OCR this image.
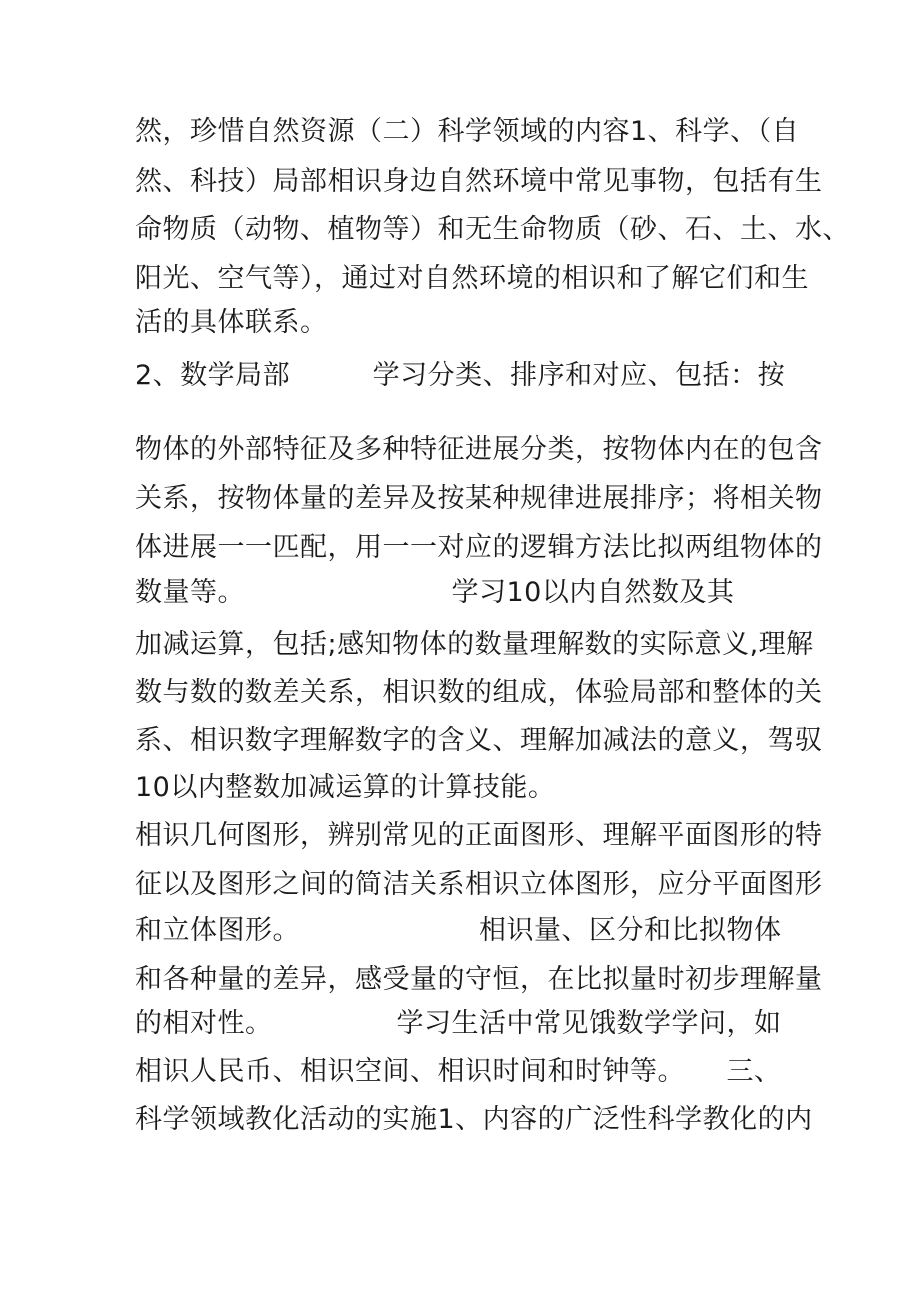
然，珍惜自然资源（二）科学领域的内容1、科学、（自
然、科技）局部相识身边自然环境中常见事物，包括有生
命物质（动物、植物等）和无生命物质（砂、石、土、水、
阳光、空气等），通过对自然环境的相识和了解它们和生
活的具体联系。
2、数学局部　　　学习分类、排序和对应、包括：按
物体的外部特征及多种特征进展分类，按物体内在的包含
关系，按物体量的差异及按某种规律进展排序；将相关物
体进展一一匹配，用一一对应的逻辑方法比拟两组物体的
数量等。　　　　　　　　学习10以内自然数及其
加减运算，包括;感知物体的数量理解数的实际意义,理解
数与数的数差关系，相识数的组成，体验局部和整体的关
系、相识数字理解数字的含义、理解加减法的意义，驾驭
10以内整数加减运算的计算技能。
相识几何图形，辨别常见的正面图形、理解平面图形的特
征以及图形之间的简洁关系相识立体图形，应分平面图形
和立体图形。　　　　　　　相识量、区分和比拟物体
和各种量的差异，感受量的守恒，在比拟量时初步理解量
的相对性。　　　　　学习生活中常见饿数学学问，如
相识人民币、相识空间、相识时间和时钟等。　　三、
科学领域教化活动的实施1、内容的广泛性科学教化的内
